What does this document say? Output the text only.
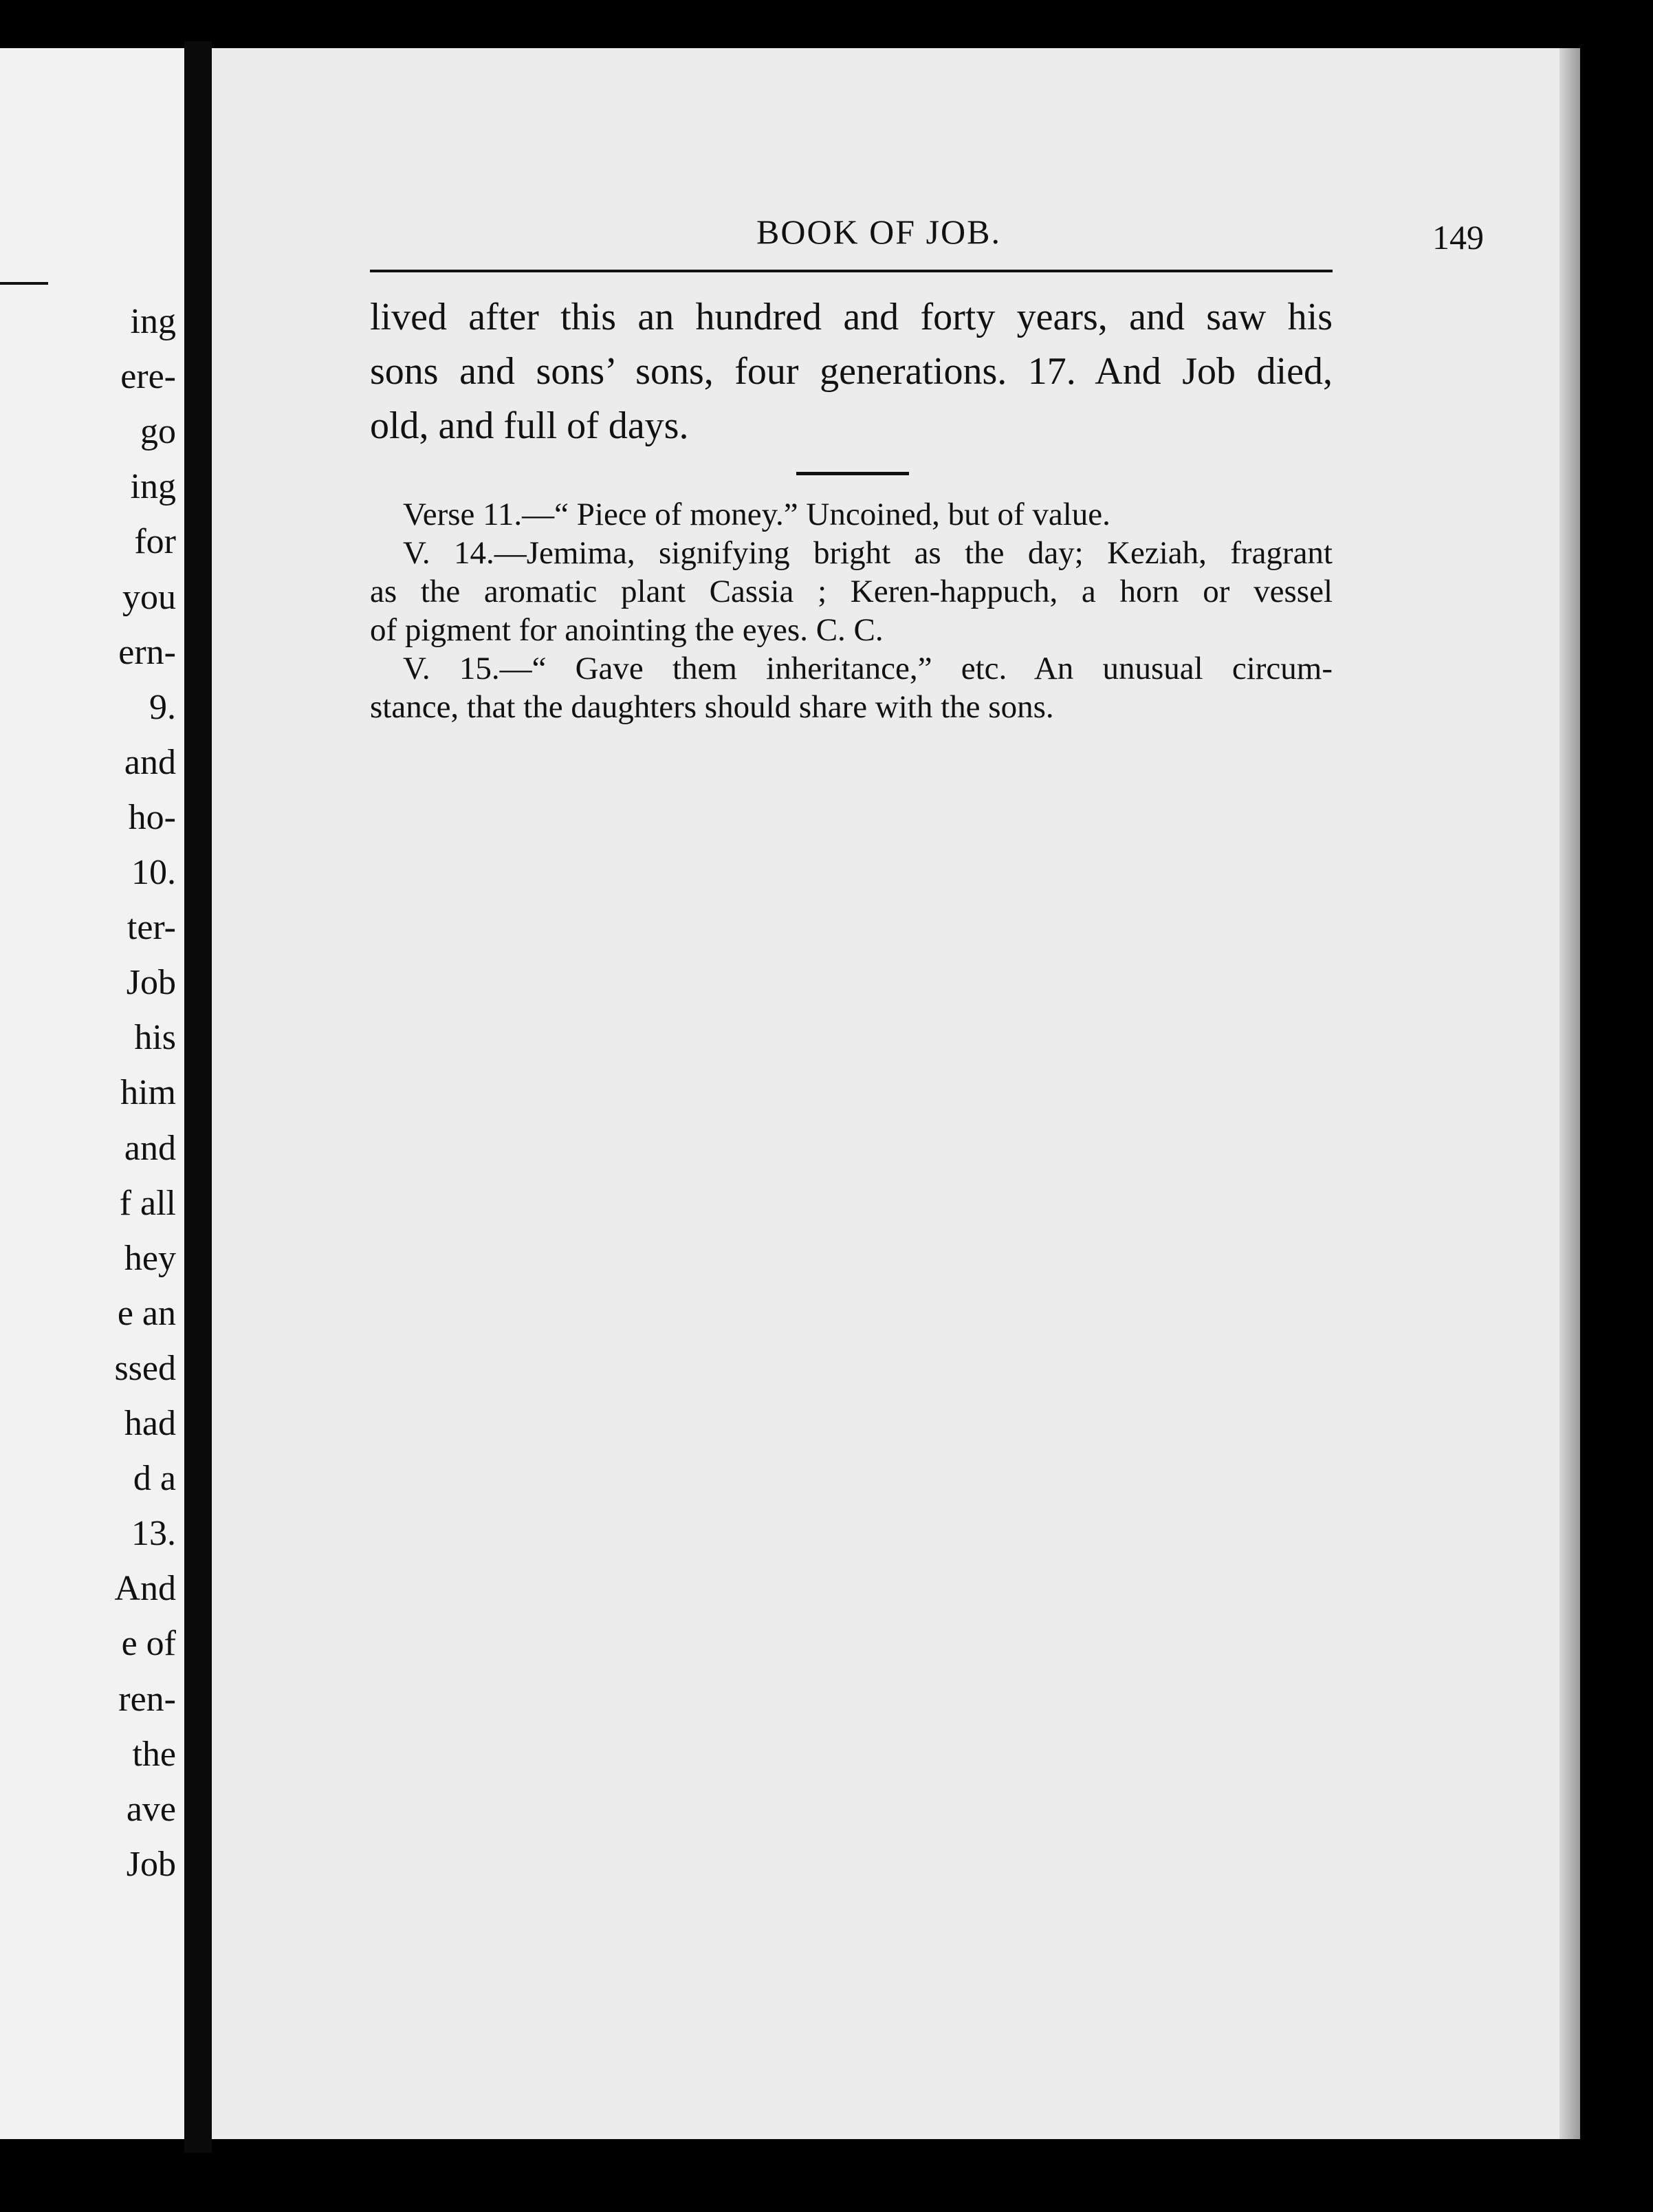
ing
ere-
go
ing
for
you
ern-
9.
and
ho-
10.
ter-
Job
his
him
and
f all
hey
e an
ssed
had
d a
13.
And
e of
ren-
the
ave
Job
BOOK OF JOB.	149
lived after this an hundred and forty years, and saw his
sons and sons’ sons, four generations. 17. And Job died,
old, and full of days.
Verse 11.—“ Piece of money.” Uncoined, but of value.
V. 14.—Jemima, signifying bright as the day; Keziah, fragrant
as the aromatic plant Cassia ; Keren-happuch, a horn or vessel
of pigment for anointing the eyes. C. C.
V. 15.—“ Gave them inheritance,” etc. An unusual circum-
stance, that the daughters should share with the sons.
